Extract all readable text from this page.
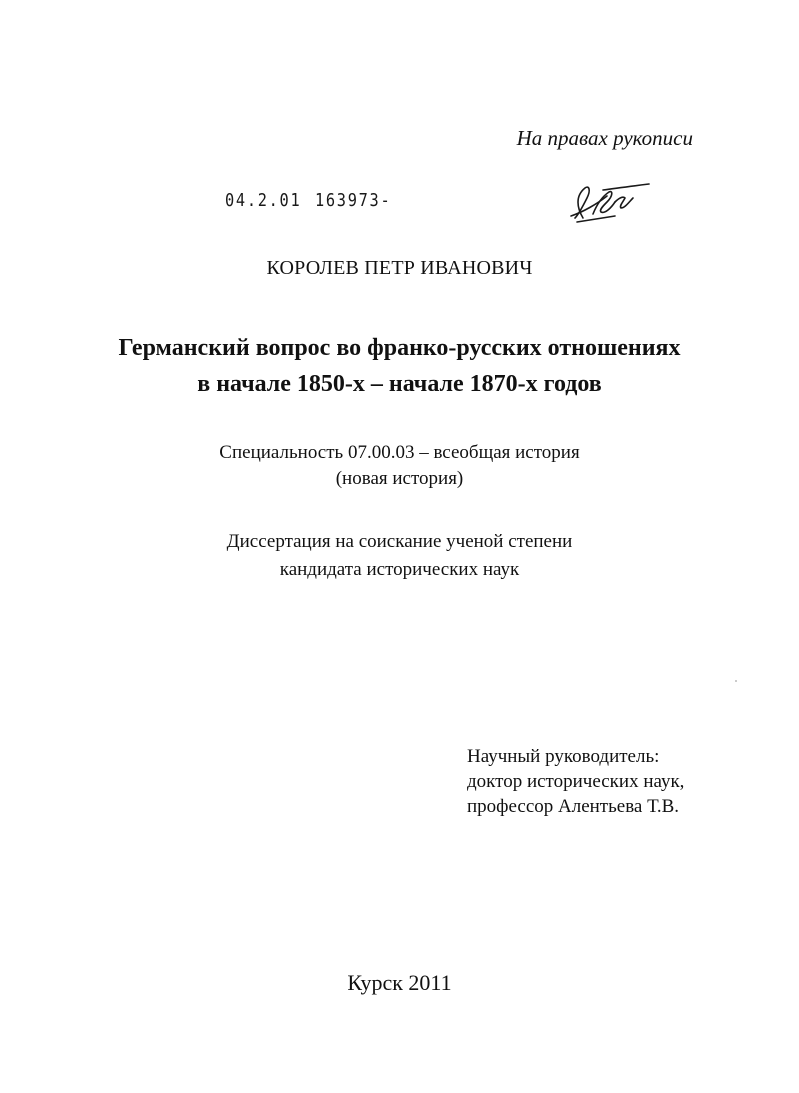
На правах рукописи
04.2.01 163973-
КОРОЛЕВ ПЕТР ИВАНОВИЧ
Германский вопрос во франко-русских отношениях
в начале 1850-х – начале 1870-х годов
Специальность 07.00.03 – всеобщая история
(новая история)
Диссертация на соискание ученой степени
кандидата исторических наук
Научный руководитель:
доктор исторических наук,
профессор Алентьева Т.В.
Курск 2011
